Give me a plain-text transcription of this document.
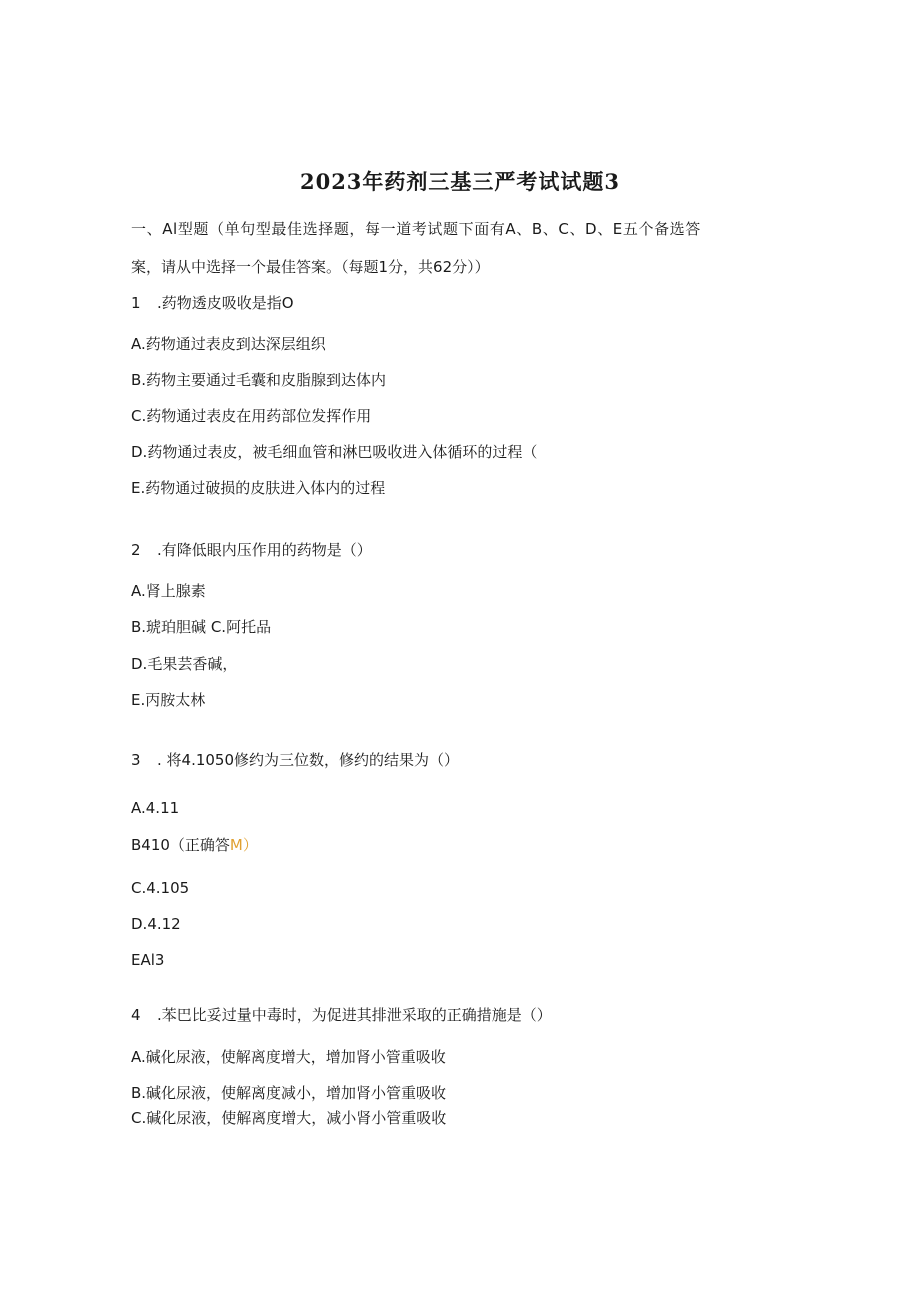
2023年药剂三基三严考试试题3
一、Al型题（单句型最佳选择题，每一道考试题下面有A、B、C、D、E五个备选答
案，请从中选择一个最佳答案。（每题1分，共62分））
1 .药物透皮吸收是指O
A.药物通过表皮到达深层组织
B.药物主要通过毛囊和皮脂腺到达体内
C.药物通过表皮在用药部位发挥作用
D.药物通过表皮，被毛细血管和淋巴吸收进入体循环的过程（
E.药物通过破损的皮肤进入体内的过程
2 .有降低眼内压作用的药物是（）
A.肾上腺素
B.琥珀胆碱 C.阿托品
D.毛果芸香碱，
E.丙胺太林
3 . 将4.1050修约为三位数，修约的结果为（）
A.4.11
B410（正确答M）
C.4.105
D.4.12
EAl3
4 .苯巴比妥过量中毒时，为促进其排泄采取的正确措施是（）
A.碱化尿液，使解离度增大，增加肾小管重吸收
B.碱化尿液，使解离度减小，增加肾小管重吸收
C.碱化尿液，使解离度增大，减小肾小管重吸收
